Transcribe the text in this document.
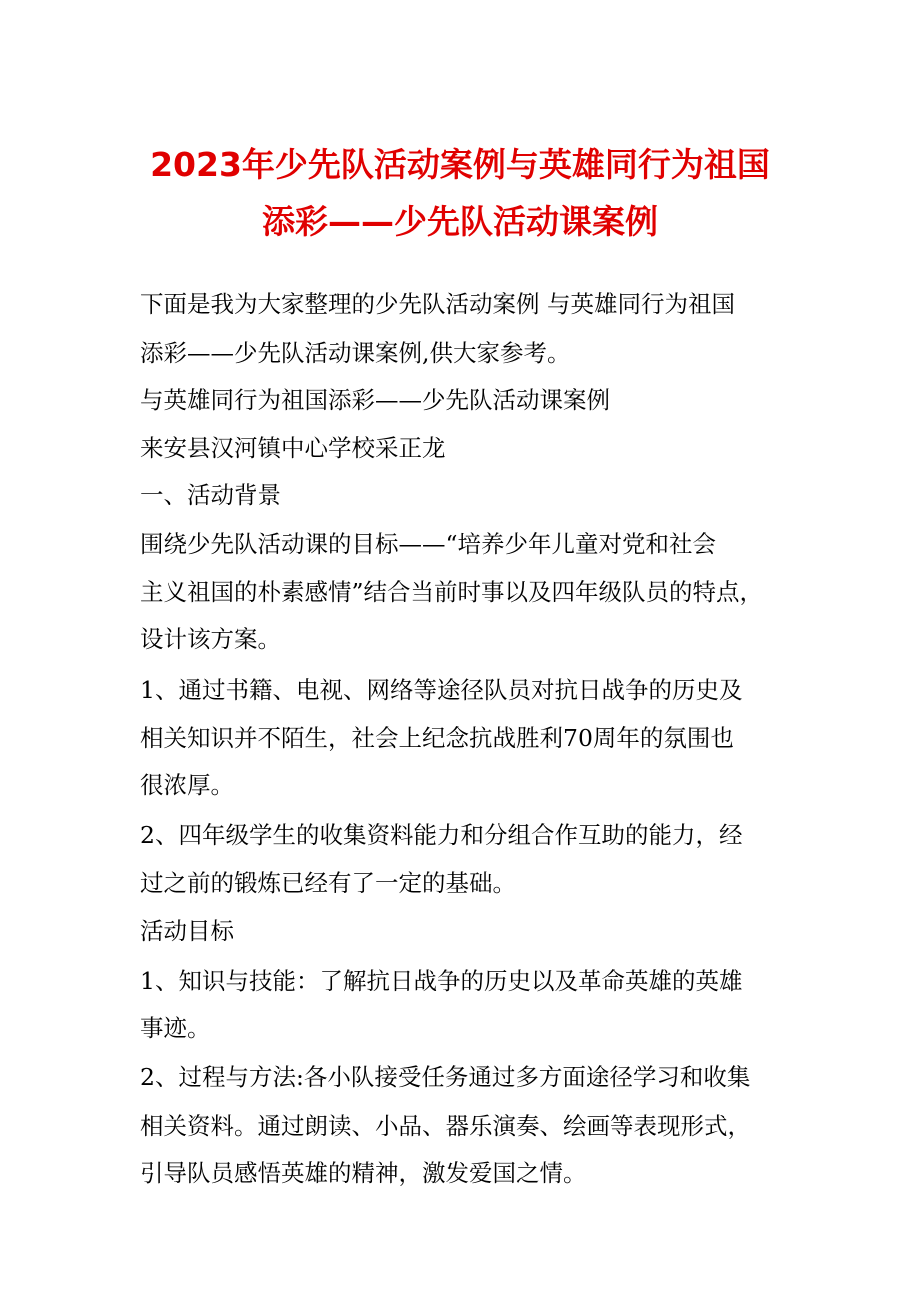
2023年少先队活动案例与英雄同行为祖国
添彩——少先队活动课案例
下面是我为大家整理的少先队活动案例 与英雄同行为祖国
添彩——少先队活动课案例,供大家参考。
与英雄同行为祖国添彩——少先队活动课案例
来安县汉河镇中心学校采正龙
一、活动背景
围绕少先队活动课的目标——“培养少年儿童对党和社会
主义祖国的朴素感情”结合当前时事以及四年级队员的特点，
设计该方案。
1、通过书籍、电视、网络等途径队员对抗日战争的历史及
相关知识并不陌生，社会上纪念抗战胜利70周年的氛围也
很浓厚。
2、四年级学生的收集资料能力和分组合作互助的能力，经
过之前的锻炼已经有了一定的基础。
活动目标
1、知识与技能：了解抗日战争的历史以及革命英雄的英雄
事迹。
2、过程与方法:各小队接受任务通过多方面途径学习和收集
相关资料。通过朗读、小品、器乐演奏、绘画等表现形式，
引导队员感悟英雄的精神，激发爱国之情。
